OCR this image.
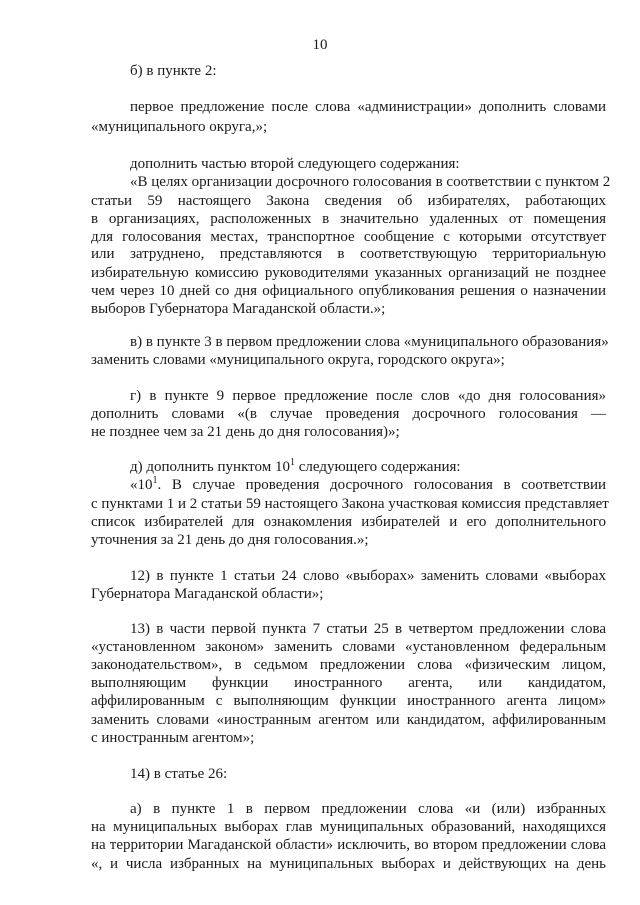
10
б) в пункте 2:
первое предложение после слова «администрации» дополнить словами
«муниципального округа,»;
дополнить частью второй следующего содержания:
«В целях организации досрочного голосования в соответствии с пунктом 2
статьи 59 настоящего Закона сведения об избирателях, работающих
в организациях, расположенных в значительно удаленных от помещения
для голосования местах, транспортное сообщение с которыми отсутствует
или затруднено, представляются в соответствующую территориальную
избирательную комиссию руководителями указанных организаций не позднее
чем через 10 дней со дня официального опубликования решения о назначении
выборов Губернатора Магаданской области.»;
в) в пункте 3 в первом предложении слова «муниципального образования»
заменить словами «муниципального округа, городского округа»;
г) в пункте 9 первое предложение после слов «до дня голосования»
дополнить словами «(в случае проведения досрочного голосования —
не позднее чем за 21 день до дня голосования)»;
д) дополнить пунктом $10^1$ следующего содержания:
«$10^1$. В случае проведения досрочного голосования в соответствии
с пунктами 1 и 2 статьи 59 настоящего Закона участковая комиссия представляет
список избирателей для ознакомления избирателей и его дополнительного
уточнения за 21 день до дня голосования.»;
12) в пункте 1 статьи 24 слово «выборах» заменить словами «выборах
Губернатора Магаданской области»;
13) в части первой пункта 7 статьи 25 в четвертом предложении слова
«установленном законом» заменить словами «установленном федеральным
законодательством», в седьмом предложении слова «физическим лицом,
выполняющим функции иностранного агента, или кандидатом,
аффилированным с выполняющим функции иностранного агента лицом»
заменить словами «иностранным агентом или кандидатом, аффилированным
с иностранным агентом»;
14) в статье 26:
а) в пункте 1 в первом предложении слова «и (или) избранных
на муниципальных выборах глав муниципальных образований, находящихся
на территории Магаданской области» исключить, во втором предложении слова
«, и числа избранных на муниципальных выборах и действующих на день
